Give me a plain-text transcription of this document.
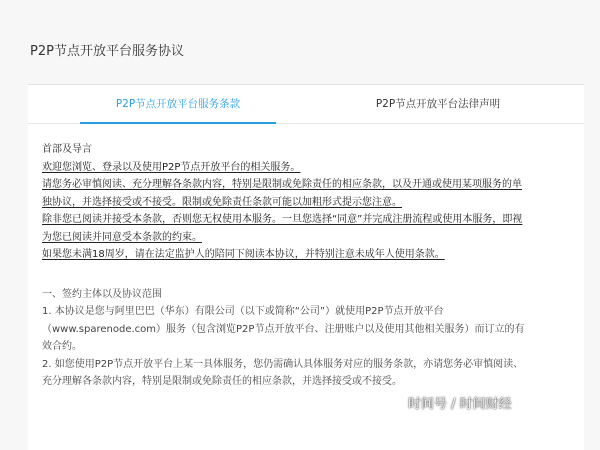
P2P节点开放平台服务协议
P2P节点开放平台服务条款	P2P节点开放平台法律声明
首部及导言
欢迎您浏览、登录以及使用P2P节点开放平台的相关服务。
请您务必审慎阅读、充分理解各条款内容，特别是限制或免除责任的相应条款，以及开通或使用某项服务的单
独协议，并选择接受或不接受。限制或免除责任条款可能以加粗形式提示您注意。
除非您已阅读并接受本条款，否则您无权使用本服务。一旦您选择“同意”并完成注册流程或使用本服务，即视
为您已阅读并同意受本条款的约束。
如果您未满18周岁，请在法定监护人的陪同下阅读本协议，并特别注意未成年人使用条款。
一、签约主体以及协议范围
1. 本协议是您与阿里巴巴（华东）有限公司（以下或简称“公司”）就使用P2P节点开放平台
（www.sparenode.com）服务（包含浏览P2P节点开放平台、注册账户以及使用其他相关服务）而订立的有
效合约。
2. 如您使用P2P节点开放平台上某一具体服务，您仍需确认具体服务对应的服务条款，亦请您务必审慎阅读、
充分理解各条款内容，特别是限制或免除责任的相应条款，并选择接受或不接受。
时间号 / 时间财经
